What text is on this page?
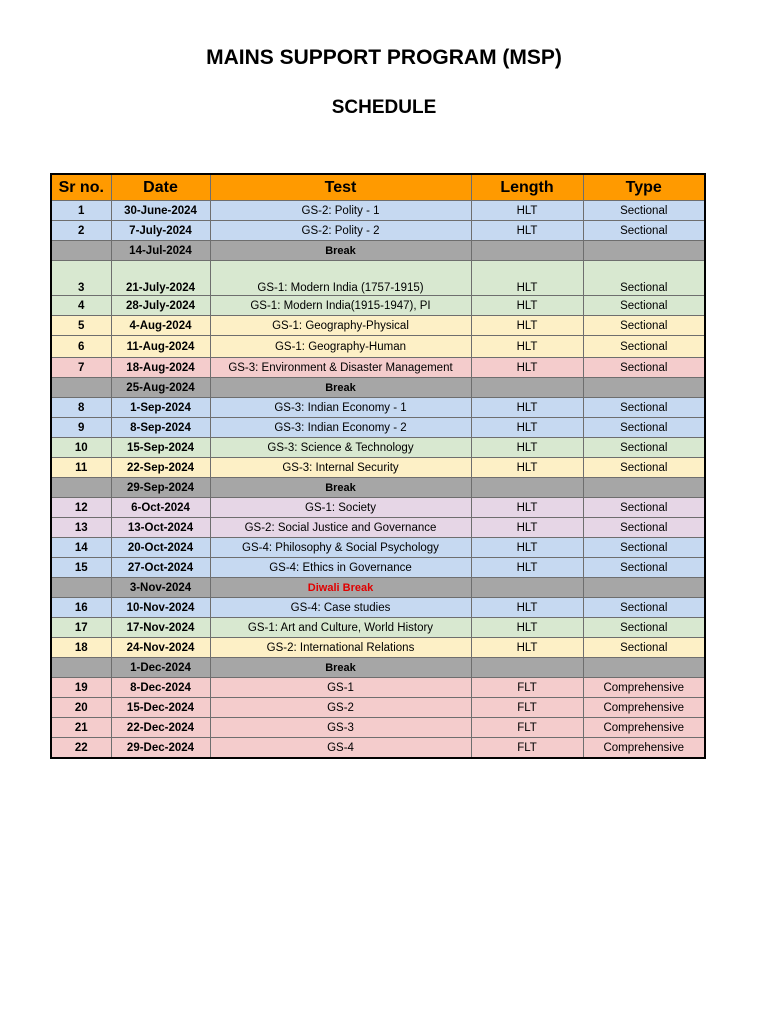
MAINS SUPPORT PROGRAM (MSP)
SCHEDULE
Sr no.	Date	Test	Length	Type
1	30-June-2024	GS-2: Polity - 1	HLT	Sectional
2	7-July-2024	GS-2: Polity - 2	HLT	Sectional
	14-Jul-2024	Break		
3	21-July-2024	GS-1: Modern India (1757-1915)	HLT	Sectional
4	28-July-2024	GS-1: Modern India(1915-1947), PI	HLT	Sectional
5	4-Aug-2024	GS-1: Geography-Physical	HLT	Sectional
6	11-Aug-2024	GS-1: Geography-Human	HLT	Sectional
7	18-Aug-2024	GS-3: Environment & Disaster Management	HLT	Sectional
	25-Aug-2024	Break		
8	1-Sep-2024	GS-3: Indian Economy - 1	HLT	Sectional
9	8-Sep-2024	GS-3: Indian Economy - 2	HLT	Sectional
10	15-Sep-2024	GS-3: Science & Technology	HLT	Sectional
11	22-Sep-2024	GS-3: Internal Security	HLT	Sectional
	29-Sep-2024	Break		
12	6-Oct-2024	GS-1: Society	HLT	Sectional
13	13-Oct-2024	GS-2: Social Justice and Governance	HLT	Sectional
14	20-Oct-2024	GS-4: Philosophy & Social Psychology	HLT	Sectional
15	27-Oct-2024	GS-4: Ethics in Governance	HLT	Sectional
	3-Nov-2024	Diwali Break		
16	10-Nov-2024	GS-4: Case studies	HLT	Sectional
17	17-Nov-2024	GS-1: Art and Culture, World History	HLT	Sectional
18	24-Nov-2024	GS-2: International Relations	HLT	Sectional
	1-Dec-2024	Break		
19	8-Dec-2024	GS-1	FLT	Comprehensive
20	15-Dec-2024	GS-2	FLT	Comprehensive
21	22-Dec-2024	GS-3	FLT	Comprehensive
22	29-Dec-2024	GS-4	FLT	Comprehensive
